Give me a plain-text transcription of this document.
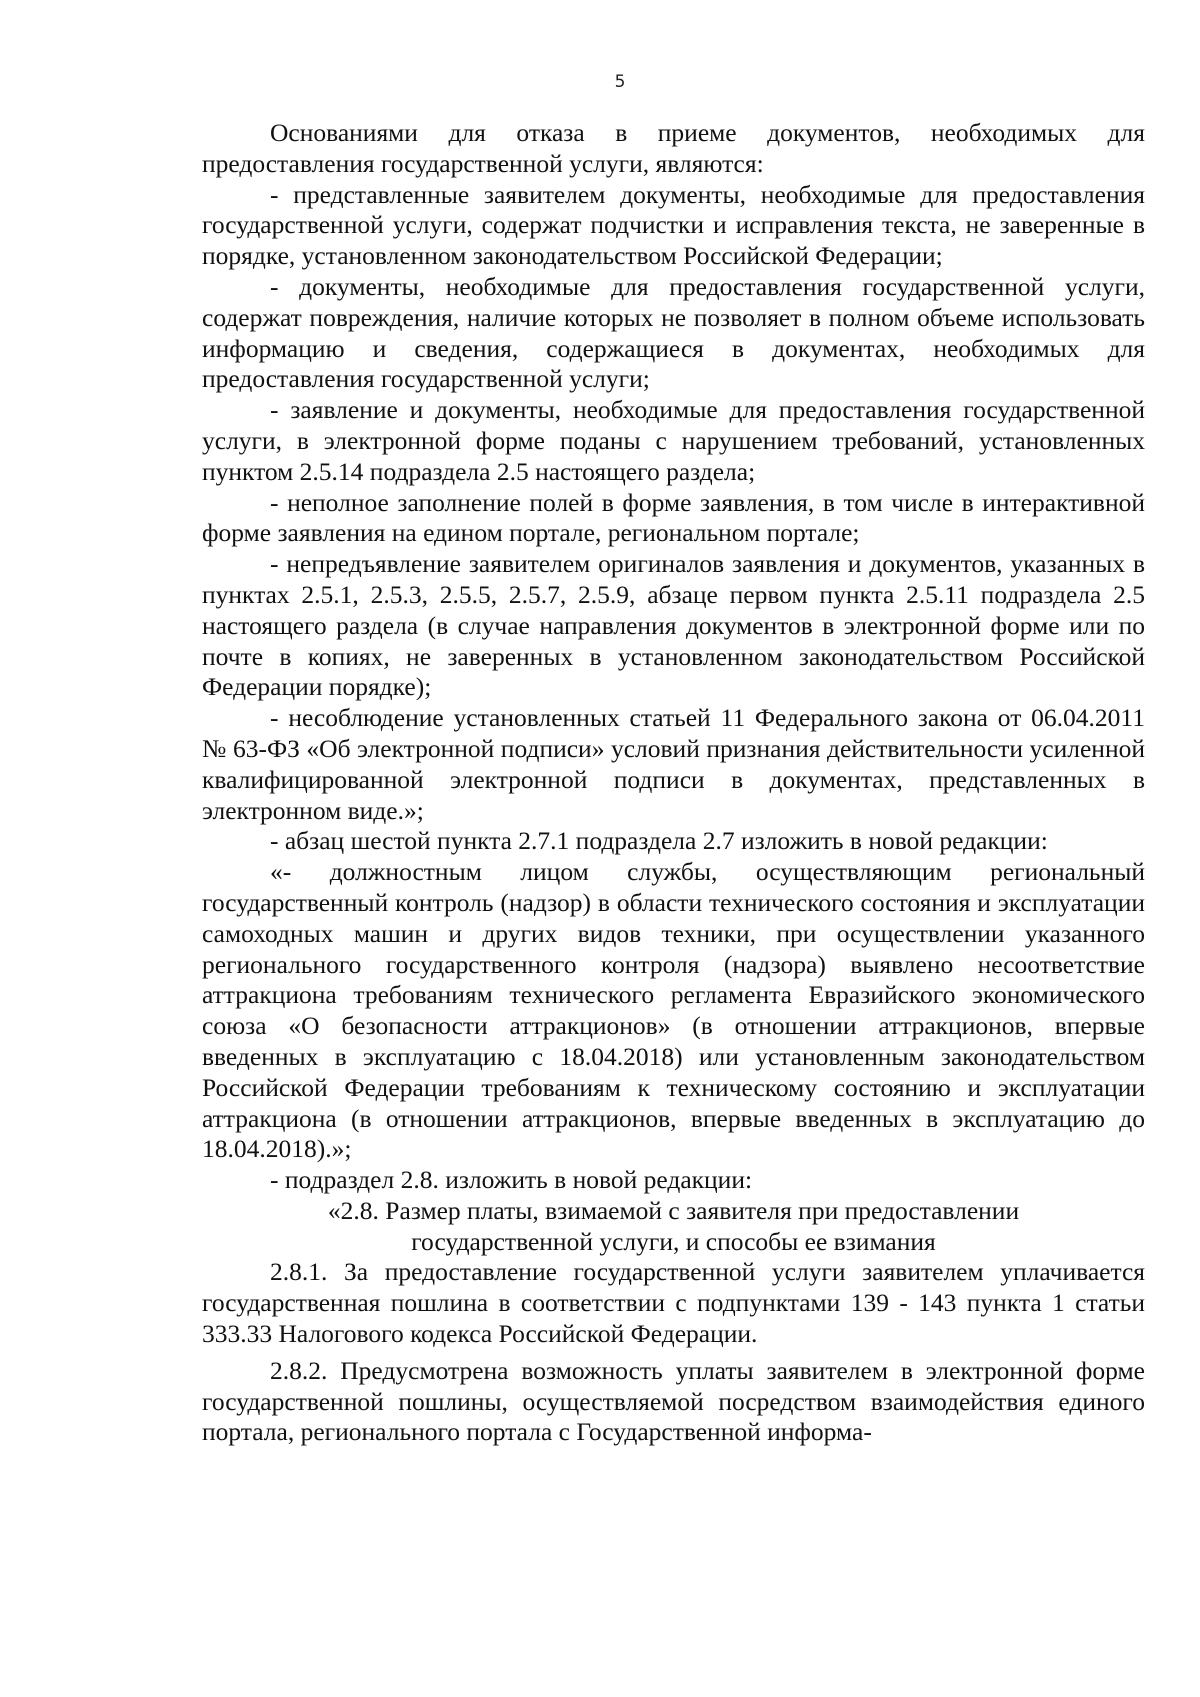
5

Основаниями для отказа в приеме документов, необходимых для предоставления государственной услуги, являются:

- представленные заявителем документы, необходимые для предоставления государственной услуги, содержат подчистки и исправления текста, не заверенные в порядке, установленном законодательством Российской Федерации;

- документы, необходимые для предоставления государственной услуги, содержат повреждения, наличие которых не позволяет в полном объеме использовать информацию и сведения, содержащиеся в документах, необходимых для предоставления государственной услуги;

- заявление и документы, необходимые для предоставления государственной услуги, в электронной форме поданы с нарушением требований, установленных пунктом 2.5.14 подраздела 2.5 настоящего раздела;

- неполное заполнение полей в форме заявления, в том числе в интерактивной форме заявления на едином портале, региональном портале;

- непредъявление заявителем оригиналов заявления и документов, указанных в пунктах 2.5.1, 2.5.3, 2.5.5, 2.5.7, 2.5.9, абзаце первом пункта 2.5.11 подраздела 2.5 настоящего раздела (в случае направления документов в электронной форме или по почте в копиях, не заверенных в установленном законодательством Российской Федерации порядке);

- несоблюдение установленных статьей 11 Федерального закона от 06.04.2011 № 63-ФЗ «Об электронной подписи» условий признания действительности усиленной квалифицированной электронной подписи в документах, представленных в электронном виде.»;

- абзац шестой пункта 2.7.1 подраздела 2.7 изложить в новой редакции:

«- должностным лицом службы, осуществляющим региональный государственный контроль (надзор) в области технического состояния и эксплуатации самоходных машин и других видов техники, при осуществлении указанного регионального государственного контроля (надзора) выявлено несоответствие аттракциона требованиям технического регламента Евразийского экономического союза «О безопасности аттракционов» (в отношении аттракционов, впервые введенных в эксплуатацию с 18.04.2018) или установленным законодательством Российской Федерации требованиям к техническому состоянию и эксплуатации аттракциона (в отношении аттракционов, впервые введенных в эксплуатацию до 18.04.2018).»;

- подраздел 2.8. изложить в новой редакции:

«2.8. Размер платы, взимаемой с заявителя при предоставлении государственной услуги, и способы ее взимания

2.8.1. За предоставление государственной услуги заявителем уплачивается государственная пошлина в соответствии с подпунктами 139 - 143 пункта 1 статьи 333.33 Налогового кодекса Российской Федерации.

2.8.2. Предусмотрена возможность уплаты заявителем в электронной форме государственной пошлины, осуществляемой посредством взаимодействия единого портала, регионального портала с Государственной информа-
